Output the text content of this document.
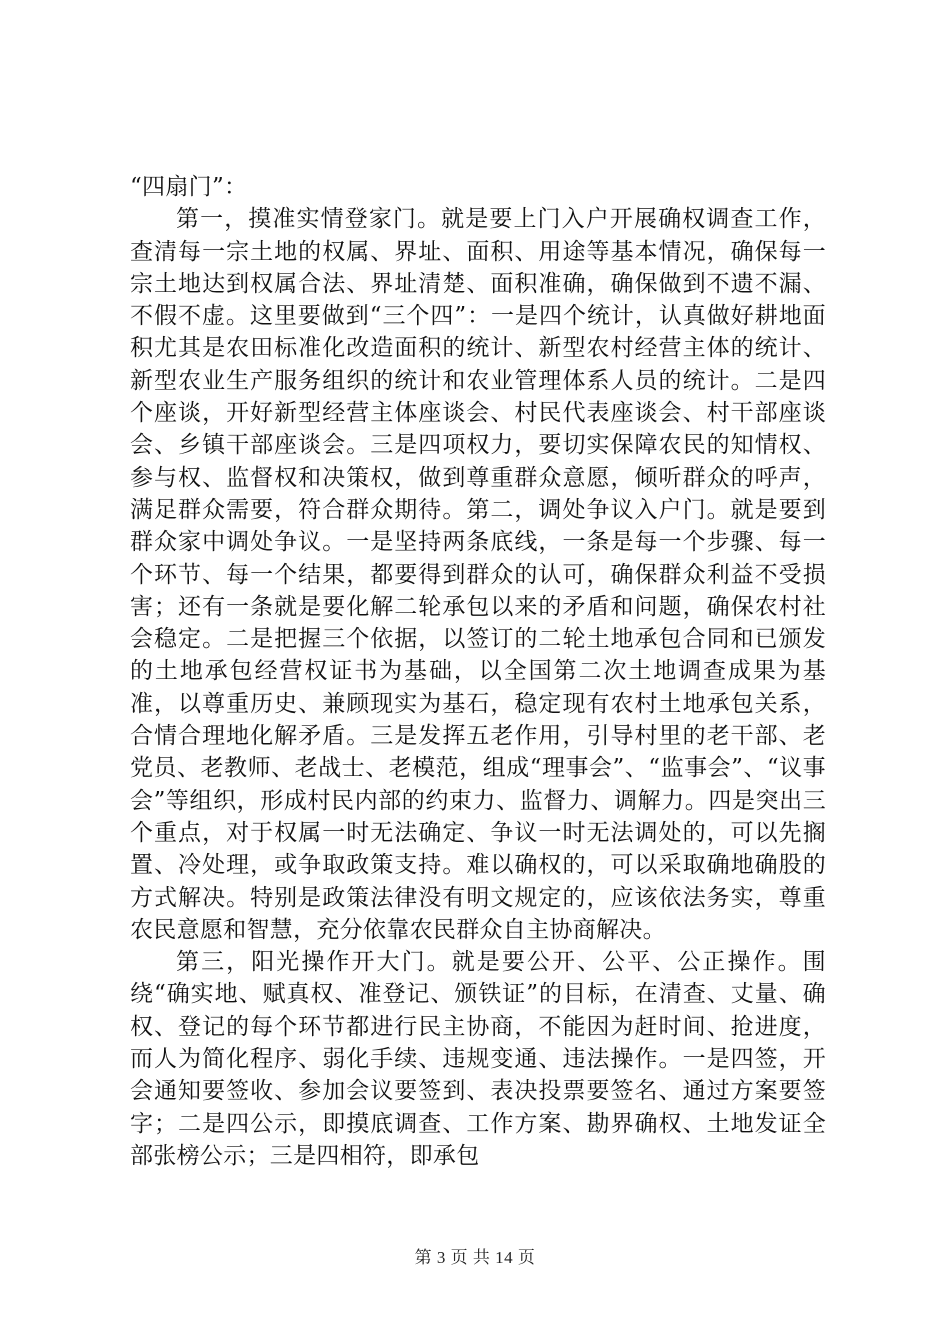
“四扇门”：

第一，摸准实情登家门。就是要上门入户开展确权调查工作，查清每一宗土地的权属、界址、面积、用途等基本情况，确保每一宗土地达到权属合法、界址清楚、面积准确，确保做到不遗不漏、不假不虚。这里要做到“三个四”：一是四个统计，认真做好耕地面积尤其是农田标准化改造面积的统计、新型农村经营主体的统计、新型农业生产服务组织的统计和农业管理体系人员的统计。二是四个座谈，开好新型经营主体座谈会、村民代表座谈会、村干部座谈会、乡镇干部座谈会。三是四项权力，要切实保障农民的知情权、参与权、监督权和决策权，做到尊重群众意愿，倾听群众的呼声，满足群众需要，符合群众期待。第二，调处争议入户门。就是要到群众家中调处争议。一是坚持两条底线，一条是每一个步骤、每一个环节、每一个结果，都要得到群众的认可，确保群众利益不受损害；还有一条就是要化解二轮承包以来的矛盾和问题，确保农村社会稳定。二是把握三个依据，以签订的二轮土地承包合同和已颁发的土地承包经营权证书为基础，以全国第二次土地调查成果为基准，以尊重历史、兼顾现实为基石，稳定现有农村土地承包关系，合情合理地化解矛盾。三是发挥五老作用，引导村里的老干部、老党员、老教师、老战士、老模范，组成“理事会”、“监事会”、“议事会”等组织，形成村民内部的约束力、监督力、调解力。四是突出三个重点，对于权属一时无法确定、争议一时无法调处的，可以先搁置、冷处理，或争取政策支持。难以确权的，可以采取确地确股的方式解决。特别是政策法律没有明文规定的，应该依法务实，尊重农民意愿和智慧，充分依靠农民群众自主协商解决。

第三，阳光操作开大门。就是要公开、公平、公正操作。围绕“确实地、赋真权、准登记、颁铁证”的目标，在清查、丈量、确权、登记的每个环节都进行民主协商，不能因为赶时间、抢进度，而人为简化程序、弱化手续、违规变通、违法操作。一是四签，开会通知要签收、参加会议要签到、表决投票要签名、通过方案要签字；二是四公示，即摸底调查、工作方案、勘界确权、土地发证全部张榜公示；三是四相符，即承包

第 3 页 共 14 页
